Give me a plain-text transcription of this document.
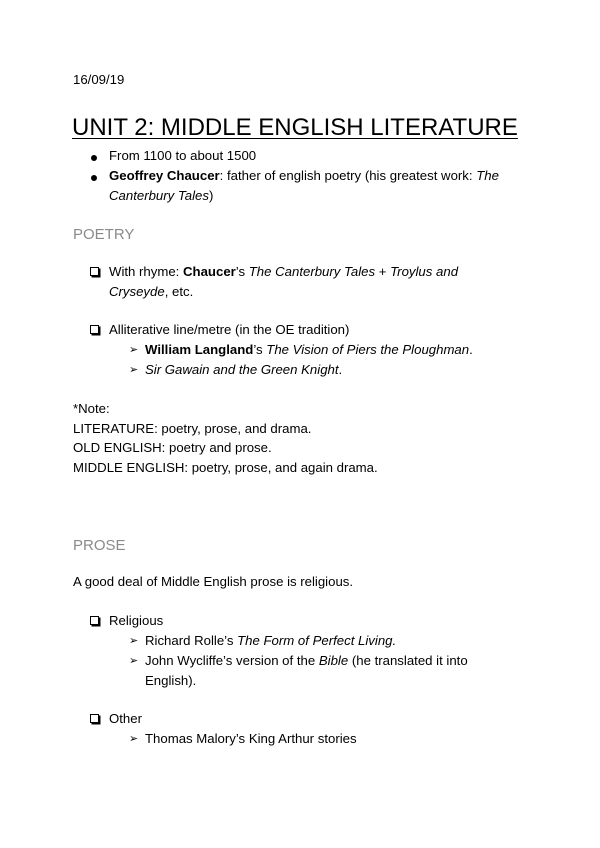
16/09/19
UNIT 2: MIDDLE ENGLISH LITERATURE
From 1100 to about 1500
Geoffrey Chaucer: father of english poetry (his greatest work: The
Canterbury Tales)
POETRY
With rhyme: Chaucer’s The Canterbury Tales + Troylus and
Cryseyde, etc.
Alliterative line/metre (in the OE tradition)
➢ William Langland’s The Vision of Piers the Ploughman.
➢ Sir Gawain and the Green Knight.
*Note:
LITERATURE: poetry, prose, and drama.
OLD ENGLISH: poetry and prose.
MIDDLE ENGLISH: poetry, prose, and again drama.
PROSE
A good deal of Middle English prose is religious.
Religious
➢ Richard Rolle’s The Form of Perfect Living.
➢ John Wycliffe’s version of the Bible (he translated it into
English).
Other
➢ Thomas Malory’s King Arthur stories
